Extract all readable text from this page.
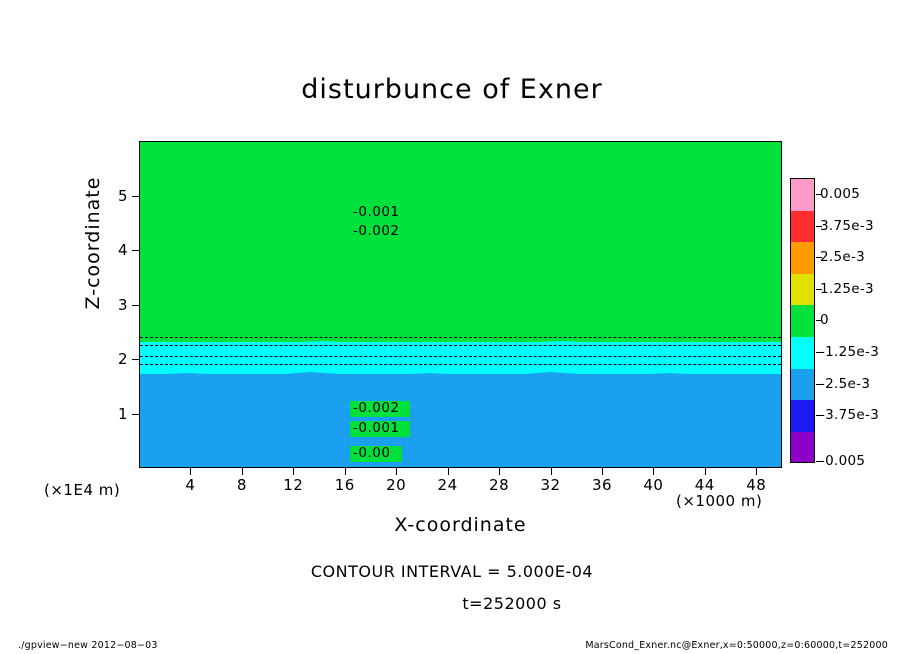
disturbunce of Exner
-0.001
-0.002
-0.002
-0.001
-0.00
4	8 12 16 20 24 28 32 36 40 44 48
1
2
3
4
5
Z-coordinate
X-coordinate
(×1000 m)
(×1E4 m)
0.005
3.75e-3
2.5e-3
1.25e-3
0
-1.25e-3
-2.5e-3
-3.75e-3
-0.005
CONTOUR INTERVAL = 5.000E-04
t=252000 s
./gpview−new 2012−08−03	MarsCond_Exner.nc@Exner,x=0:50000,z=0:60000,t=252000
